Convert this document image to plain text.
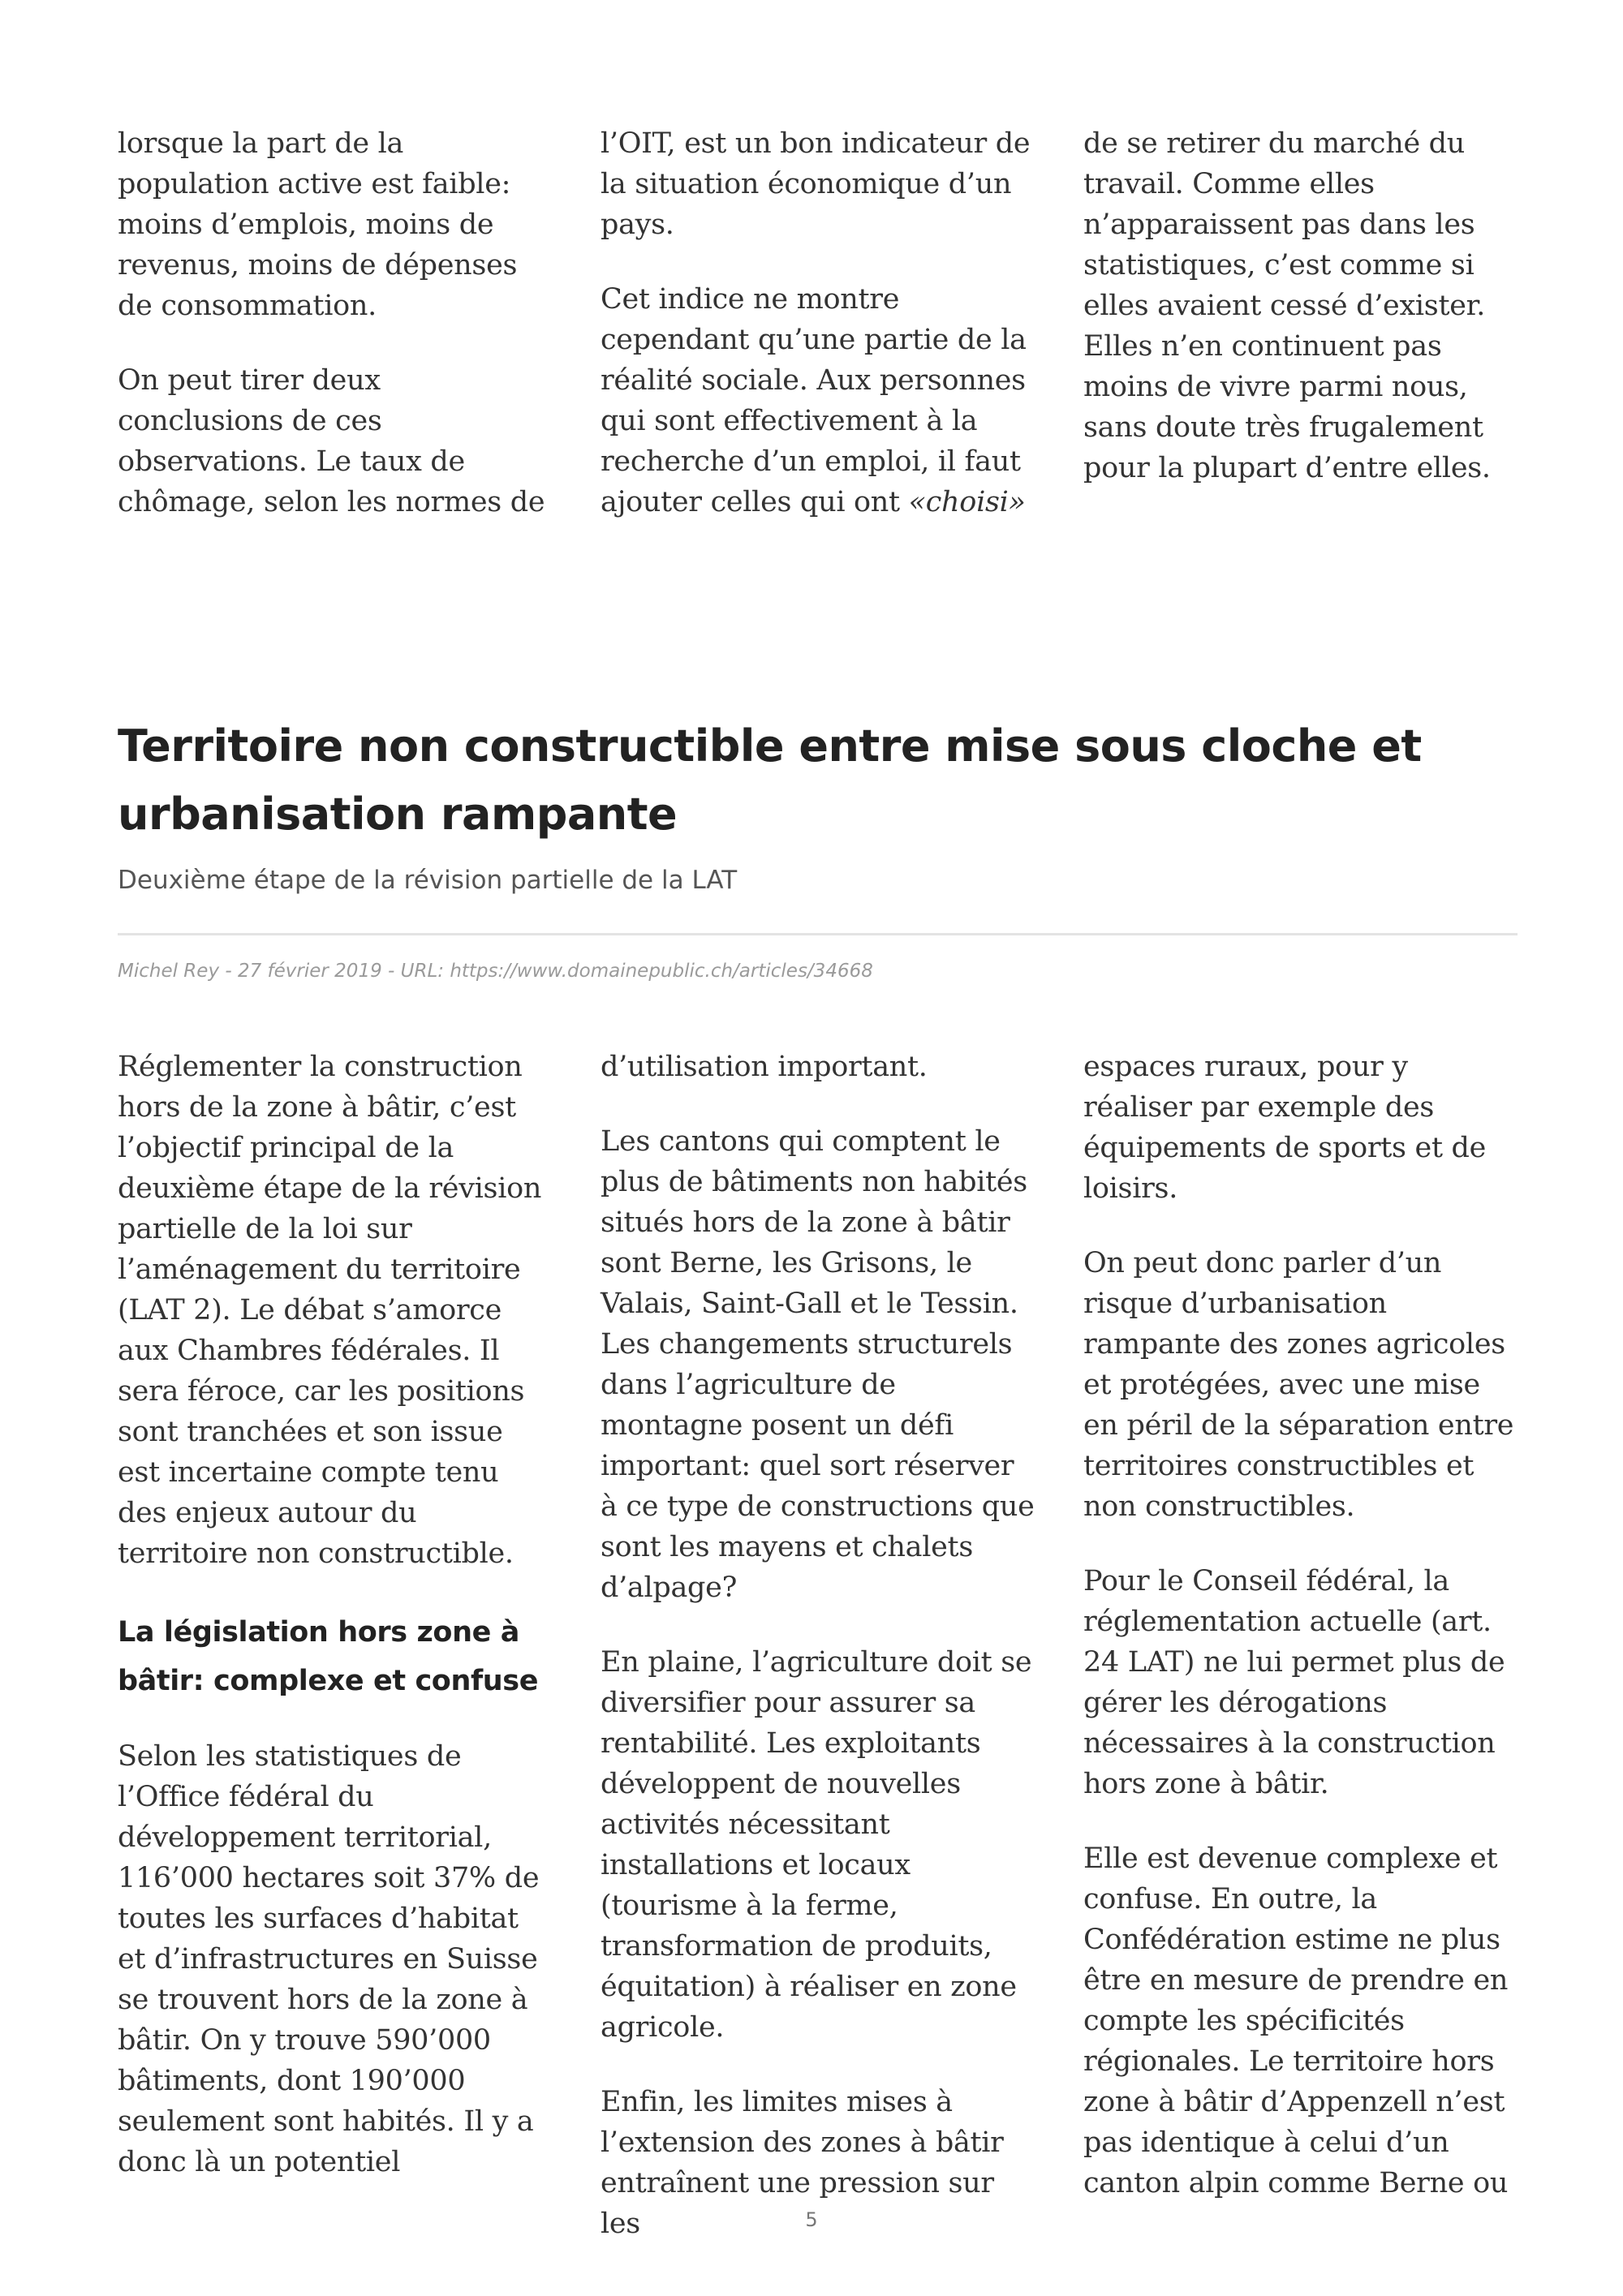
lorsque la part de la population active est faible: moins d’emplois, moins de revenus, moins de dépenses de consommation.

On peut tirer deux conclusions de ces observations. Le taux de chômage, selon les normes de

l’OIT, est un bon indicateur de la situation économique d’un pays.

Cet indice ne montre cependant qu’une partie de la réalité sociale. Aux personnes qui sont effectivement à la recherche d’un emploi, il faut ajouter celles qui ont «choisi»

de se retirer du marché du travail. Comme elles n’apparaissent pas dans les statistiques, c’est comme si elles avaient cessé d’exister. Elles n’en continuent pas moins de vivre parmi nous, sans doute très frugalement pour la plupart d’entre elles.

Territoire non constructible entre mise sous cloche et urbanisation rampante

Deuxième étape de la révision partielle de la LAT

Michel Rey - 27 février 2019 - URL: https://www.domainepublic.ch/articles/34668

Réglementer la construction hors de la zone à bâtir, c’est l’objectif principal de la deuxième étape de la révision partielle de la loi sur l’aménagement du territoire (LAT 2). Le débat s’amorce aux Chambres fédérales. Il sera féroce, car les positions sont tranchées et son issue est incertaine compte tenu des enjeux autour du territoire non constructible.

La législation hors zone à bâtir: complexe et confuse

Selon les statistiques de l’Office fédéral du développement territorial, 116’000 hectares soit 37% de toutes les surfaces d’habitat et d’infrastructures en Suisse se trouvent hors de la zone à bâtir. On y trouve 590’000 bâtiments, dont 190’000 seulement sont habités. Il y a donc là un potentiel

d’utilisation important.

Les cantons qui comptent le plus de bâtiments non habités situés hors de la zone à bâtir sont Berne, les Grisons, le Valais, Saint-Gall et le Tessin. Les changements structurels dans l’agriculture de montagne posent un défi important: quel sort réserver à ce type de constructions que sont les mayens et chalets d’alpage?

En plaine, l’agriculture doit se diversifier pour assurer sa rentabilité. Les exploitants développent de nouvelles activités nécessitant installations et locaux (tourisme à la ferme, transformation de produits, équitation) à réaliser en zone agricole.

Enfin, les limites mises à l’extension des zones à bâtir entraînent une pression sur les

espaces ruraux, pour y réaliser par exemple des équipements de sports et de loisirs.

On peut donc parler d’un risque d’urbanisation rampante des zones agricoles et protégées, avec une mise en péril de la séparation entre territoires constructibles et non constructibles.

Pour le Conseil fédéral, la réglementation actuelle (art. 24 LAT) ne lui permet plus de gérer les dérogations nécessaires à la construction hors zone à bâtir.

Elle est devenue complexe et confuse. En outre, la Confédération estime ne plus être en mesure de prendre en compte les spécificités régionales. Le territoire hors zone à bâtir d’Appenzell n’est pas identique à celui d’un canton alpin comme Berne ou

5
